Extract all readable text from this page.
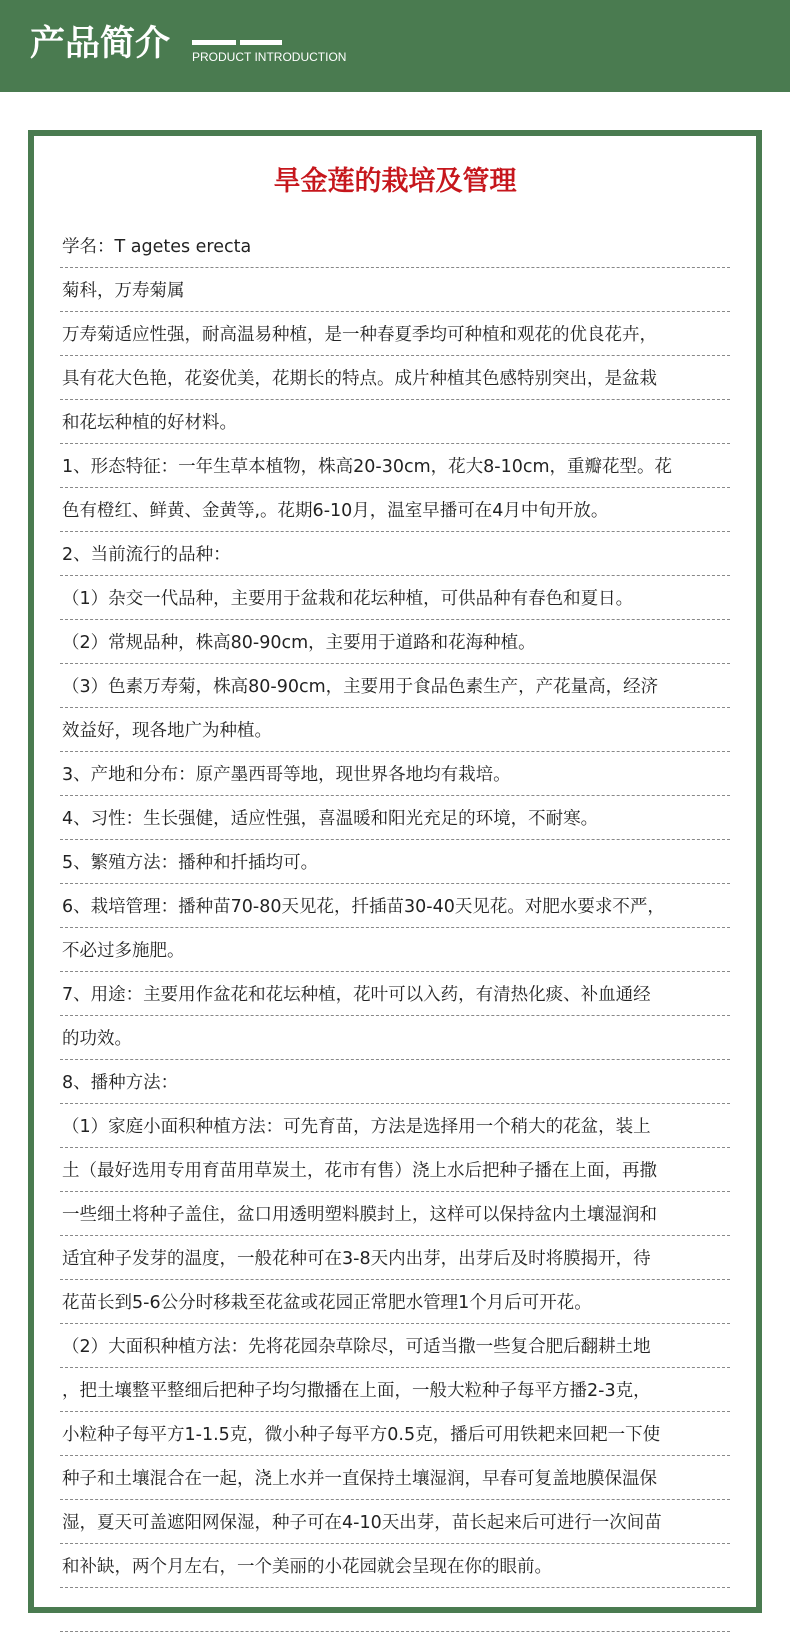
产品简介 PRODUCT INTRODUCTION
旱金莲的栽培及管理
学名：T agetes erecta
菊科，万寿菊属
万寿菊适应性强，耐高温易种植，是一种春夏季均可种植和观花的优良花卉，
具有花大色艳，花姿优美，花期长的特点。成片种植其色感特别突出，是盆栽
和花坛种植的好材料。
1、形态特征：一年生草本植物，株高20-30cm，花大8-10cm，重瓣花型。花
色有橙红、鲜黄、金黄等,。花期6-10月，温室早播可在4月中旬开放。
2、当前流行的品种：
（1）杂交一代品种，主要用于盆栽和花坛种植，可供品种有春色和夏日。
（2）常规品种，株高80-90cm，主要用于道路和花海种植。
（3）色素万寿菊，株高80-90cm，主要用于食品色素生产，产花量高，经济
效益好，现各地广为种植。
3、产地和分布：原产墨西哥等地，现世界各地均有栽培。
4、习性：生长强健，适应性强，喜温暖和阳光充足的环境，不耐寒。
5、繁殖方法：播种和扦插均可。
6、栽培管理：播种苗70-80天见花，扦插苗30-40天见花。对肥水要求不严，
不必过多施肥。
7、用途：主要用作盆花和花坛种植，花叶可以入药，有清热化痰、补血通经
的功效。
8、播种方法：
（1）家庭小面积种植方法：可先育苗，方法是选择用一个稍大的花盆，装上
土（最好选用专用育苗用草炭土，花市有售）浇上水后把种子播在上面，再撒
一些细土将种子盖住，盆口用透明塑料膜封上，这样可以保持盆内土壤湿润和
适宜种子发芽的温度，一般花种可在3-8天内出芽，出芽后及时将膜揭开，待
花苗长到5-6公分时移栽至花盆或花园正常肥水管理1个月后可开花。
（2）大面积种植方法：先将花园杂草除尽，可适当撒一些复合肥后翻耕土地
，把土壤整平整细后把种子均匀撒播在上面，一般大粒种子每平方播2-3克，
小粒种子每平方1-1.5克，微小种子每平方0.5克，播后可用铁耙来回耙一下使
种子和土壤混合在一起，浇上水并一直保持土壤湿润，早春可复盖地膜保温保
湿，夏天可盖遮阳网保湿，种子可在4-10天出芽，苗长起来后可进行一次间苗
和补缺，两个月左右，一个美丽的小花园就会呈现在你的眼前。
